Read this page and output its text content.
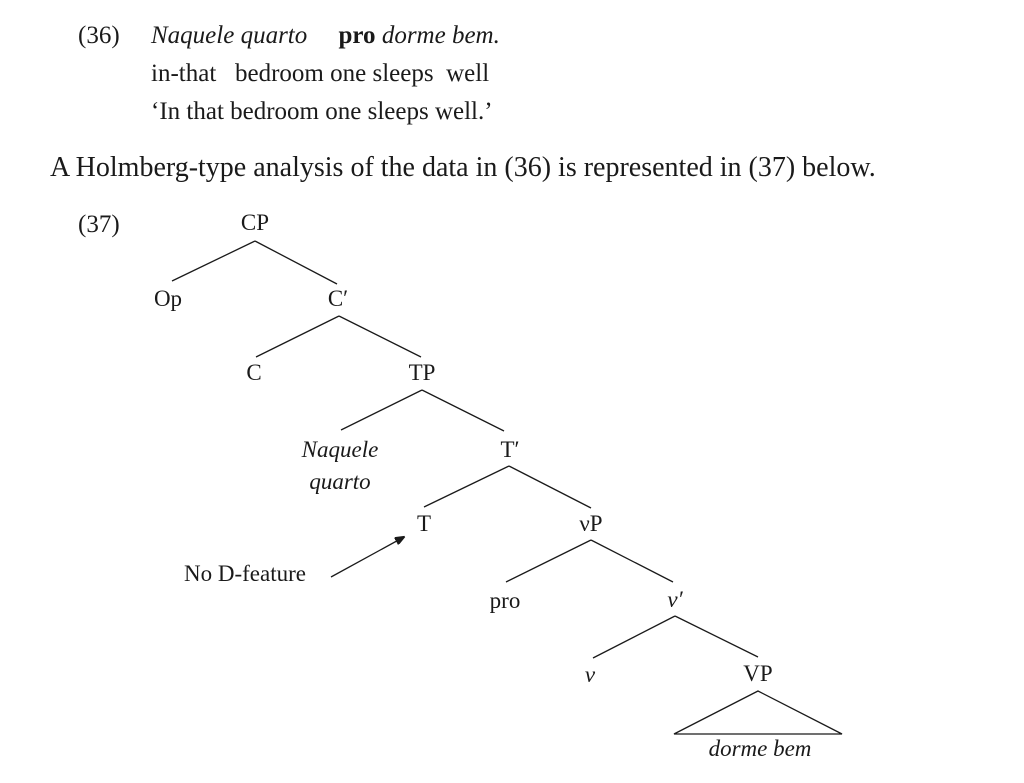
(36) Naquele quarto pro dorme bem.
in-that bedroom one sleeps well
‘In that bedroom one sleeps well.’
A Holmberg-type analysis of the data in (36) is represented in (37) below.
(37)	CP
Op	C′
C	TP
Naquele
quarto
T′
T	νP
No D-feature
pro	ν′
ν	VP
dorme bem
